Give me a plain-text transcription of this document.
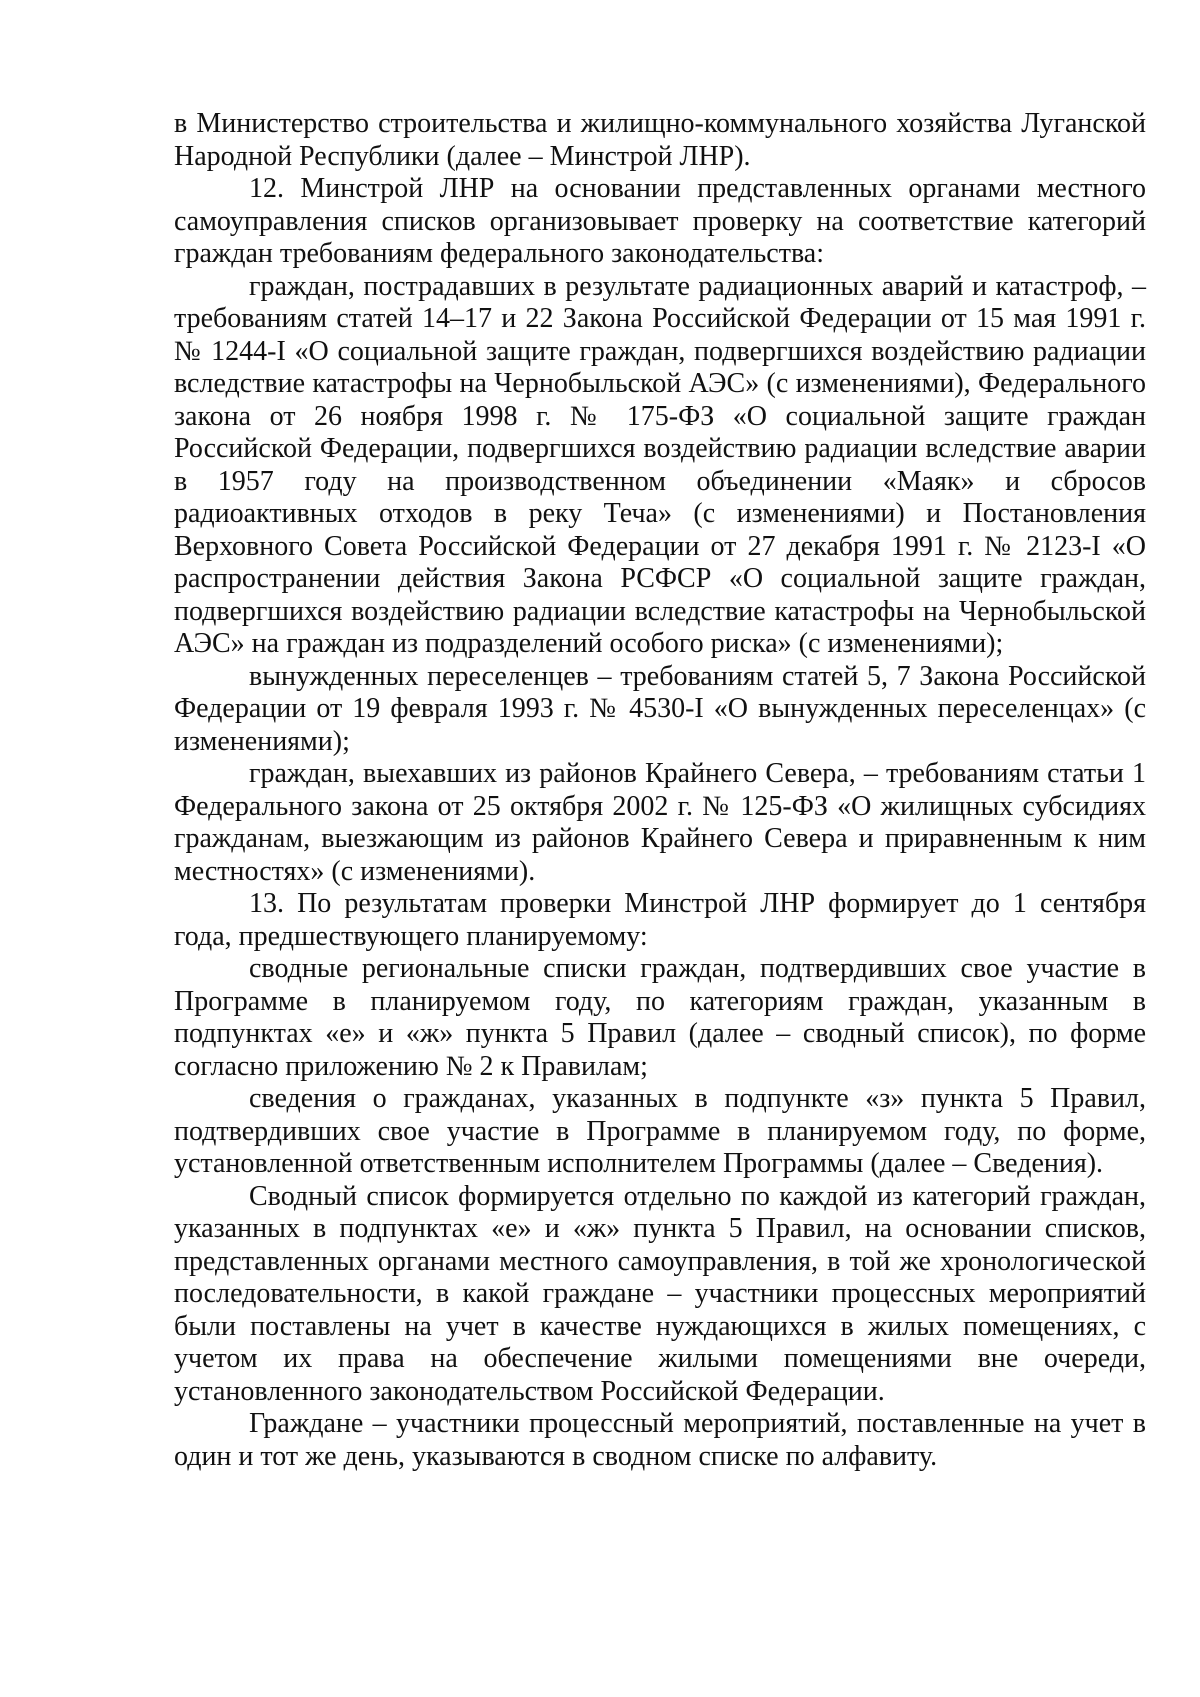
в Министерство строительства и жилищно-коммунального хозяйства Луганской Народной Республики (далее – Минстрой ЛНР).

12. Минстрой ЛНР на основании представленных органами местного самоуправления списков организовывает проверку на соответствие категорий граждан требованиям федерального законодательства:

граждан, пострадавших в результате радиационных аварий и катастроф, – требованиям статей 14–17 и 22 Закона Российской Федерации от 15 мая 1991 г. № 1244-I «О социальной защите граждан, подвергшихся воздействию радиации вследствие катастрофы на Чернобыльской АЭС» (с изменениями), Федерального закона от 26 ноября 1998 г. № 175-ФЗ «О социальной защите граждан Российской Федерации, подвергшихся воздействию радиации вследствие аварии в 1957 году на производственном объединении «Маяк» и сбросов радиоактивных отходов в реку Теча» (с изменениями) и Постановления Верховного Совета Российской Федерации от 27 декабря 1991 г. № 2123-I «О распространении действия Закона РСФСР «О социальной защите граждан, подвергшихся воздействию радиации вследствие катастрофы на Чернобыльской АЭС» на граждан из подразделений особого риска» (с изменениями);

вынужденных переселенцев – требованиям статей 5, 7 Закона Российской Федерации от 19 февраля 1993 г. № 4530-I «О вынужденных переселенцах» (с изменениями);

граждан, выехавших из районов Крайнего Севера, – требованиям статьи 1 Федерального закона от 25 октября 2002 г. № 125-ФЗ «О жилищных субсидиях гражданам, выезжающим из районов Крайнего Севера и приравненным к ним местностях» (с изменениями).

13. По результатам проверки Минстрой ЛНР формирует до 1 сентября года, предшествующего планируемому:

сводные региональные списки граждан, подтвердивших свое участие в Программе в планируемом году, по категориям граждан, указанным в подпунктах «е» и «ж» пункта 5 Правил (далее – сводный список), по форме согласно приложению № 2 к Правилам;

сведения о гражданах, указанных в подпункте «з» пункта 5 Правил, подтвердивших свое участие в Программе в планируемом году, по форме, установленной ответственным исполнителем Программы (далее – Сведения).

Сводный список формируется отдельно по каждой из категорий граждан, указанных в подпунктах «е» и «ж» пункта 5 Правил, на основании списков, представленных органами местного самоуправления, в той же хронологической последовательности, в какой граждане – участники процессных мероприятий были поставлены на учет в качестве нуждающихся в жилых помещениях, с учетом их права на обеспечение жилыми помещениями вне очереди, установленного законодательством Российской Федерации.

Граждане – участники процессный мероприятий, поставленные на учет в один и тот же день, указываются в сводном списке по алфавиту.
